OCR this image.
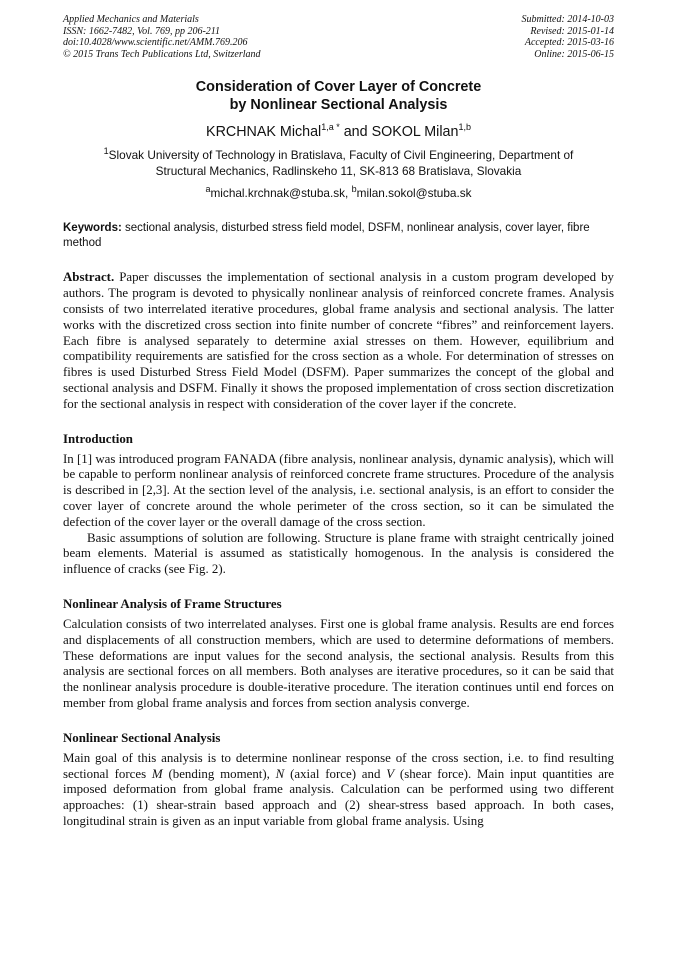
Applied Mechanics and Materials
ISSN: 1662-7482, Vol. 769, pp 206-211
doi:10.4028/www.scientific.net/AMM.769.206
© 2015 Trans Tech Publications Ltd, Switzerland
Submitted: 2014-10-03
Revised: 2015-01-14
Accepted: 2015-03-16
Online: 2015-06-15
Consideration of Cover Layer of Concrete
by Nonlinear Sectional Analysis
KRCHNAK Michal$^{1,a *}$ and SOKOL Milan$^{1,b}$
$^1$Slovak University of Technology in Bratislava, Faculty of Civil Engineering, Department of Structural Mechanics, Radlinskeho 11, SK-813 68 Bratislava, Slovakia
$^a$michal.krchnak@stuba.sk, $^b$milan.sokol@stuba.sk
Keywords: sectional analysis, disturbed stress field model, DSFM, nonlinear analysis, cover layer, fibre method
Abstract. Paper discusses the implementation of sectional analysis in a custom program developed by authors. The program is devoted to physically nonlinear analysis of reinforced concrete frames. Analysis consists of two interrelated iterative procedures, global frame analysis and sectional analysis. The latter works with the discretized cross section into finite number of concrete “fibres” and reinforcement layers. Each fibre is analysed separately to determine axial stresses on them. However, equilibrium and compatibility requirements are satisfied for the cross section as a whole. For determination of stresses on fibres is used Disturbed Stress Field Model (DSFM). Paper summarizes the concept of the global and sectional analysis and DSFM. Finally it shows the proposed implementation of cross section discretization for the sectional analysis in respect with consideration of the cover layer if the concrete.
Introduction

In [1] was introduced program FANADA (fibre analysis, nonlinear analysis, dynamic analysis), which will be capable to perform nonlinear analysis of reinforced concrete frame structures. Procedure of the analysis is described in [2,3]. At the section level of the analysis, i.e. sectional analysis, is an effort to consider the cover layer of concrete around the whole perimeter of the cross section, so it can be simulated the defection of the cover layer or the overall damage of the cross section.

Basic assumptions of solution are following. Structure is plane frame with straight centrically joined beam elements. Material is assumed as statistically homogenous. In the analysis is considered the influence of cracks (see Fig. 2).

Nonlinear Analysis of Frame Structures

Calculation consists of two interrelated analyses. First one is global frame analysis. Results are end forces and displacements of all construction members, which are used to determine deformations of members. These deformations are input values for the second analysis, the sectional analysis. Results from this analysis are sectional forces on all members. Both analyses are iterative procedures, so it can be said that the nonlinear analysis procedure is double-iterative procedure. The iteration continues until end forces on member from global frame analysis and forces from section analysis converge.

Nonlinear Sectional Analysis

Main goal of this analysis is to determine nonlinear response of the cross section, i.e. to find resulting sectional forces M (bending moment), N (axial force) and V (shear force). Main input quantities are imposed deformation from global frame analysis. Calculation can be performed using two different approaches: (1) shear-strain based approach and (2) shear-stress based approach. In both cases, longitudinal strain is given as an input variable from global frame analysis. Using
